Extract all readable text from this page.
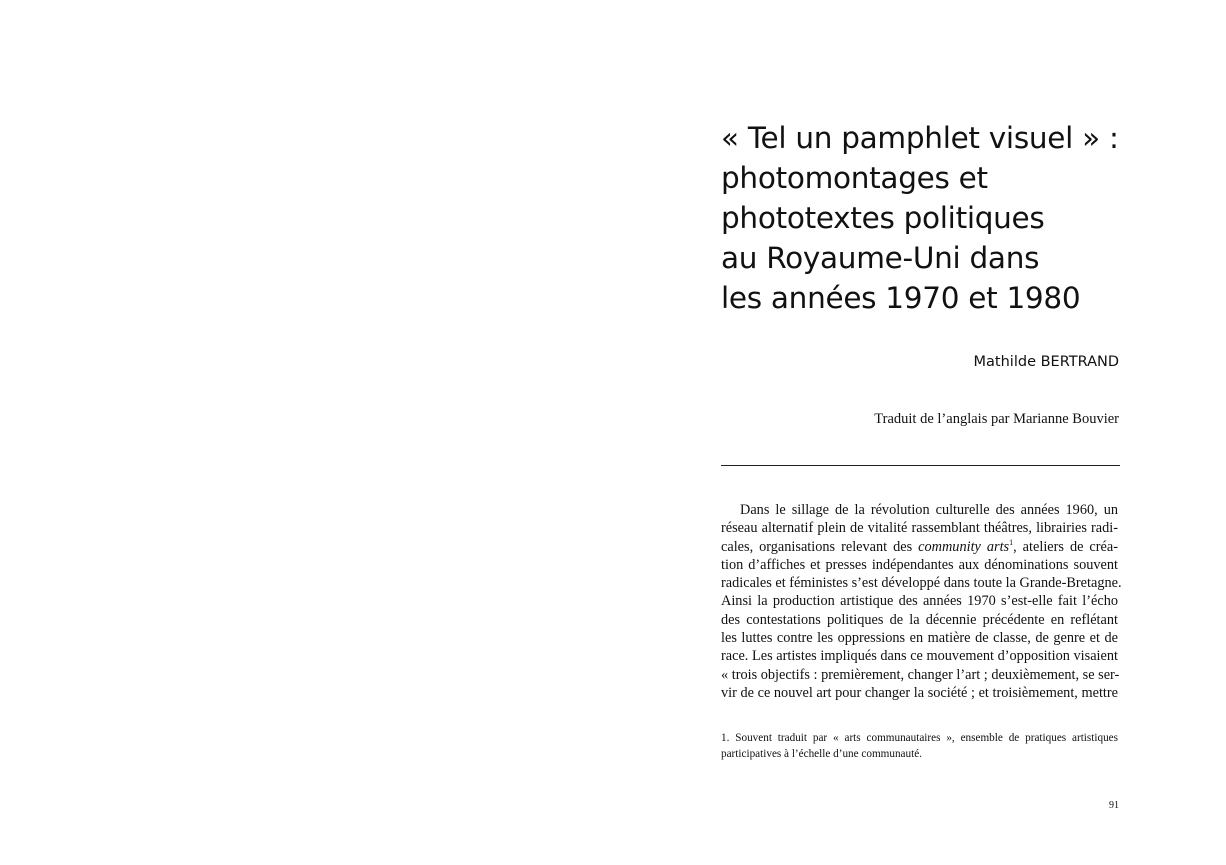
« Tel un pamphlet visuel » :
photomontages et
phototextes politiques
au Royaume-Uni dans
les années 1970 et 1980

Mathilde BERTRAND

Traduit de l’anglais par Marianne Bouvier

Dans le sillage de la révolution culturelle des années 1960, un
réseau alternatif plein de vitalité rassemblant théâtres, librairies radi-
cales, organisations relevant des community arts$^1$, ateliers de créa-
tion d’affiches et presses indépendantes aux dénominations souvent
radicales et féministes s’est développé dans toute la Grande-Bretagne.
Ainsi la production artistique des années 1970 s’est-elle fait l’écho
des contestations politiques de la décennie précédente en reflétant
les luttes contre les oppressions en matière de classe, de genre et de
race. Les artistes impliqués dans ce mouvement d’opposition visaient
« trois objectifs : premièrement, changer l’art ; deuxièmement, se ser-
vir de ce nouvel art pour changer la société ; et troisièmement, mettre
1. Souvent traduit par « arts communautaires », ensemble de pratiques artistiques
participatives à l’échelle d’une communauté.

91
